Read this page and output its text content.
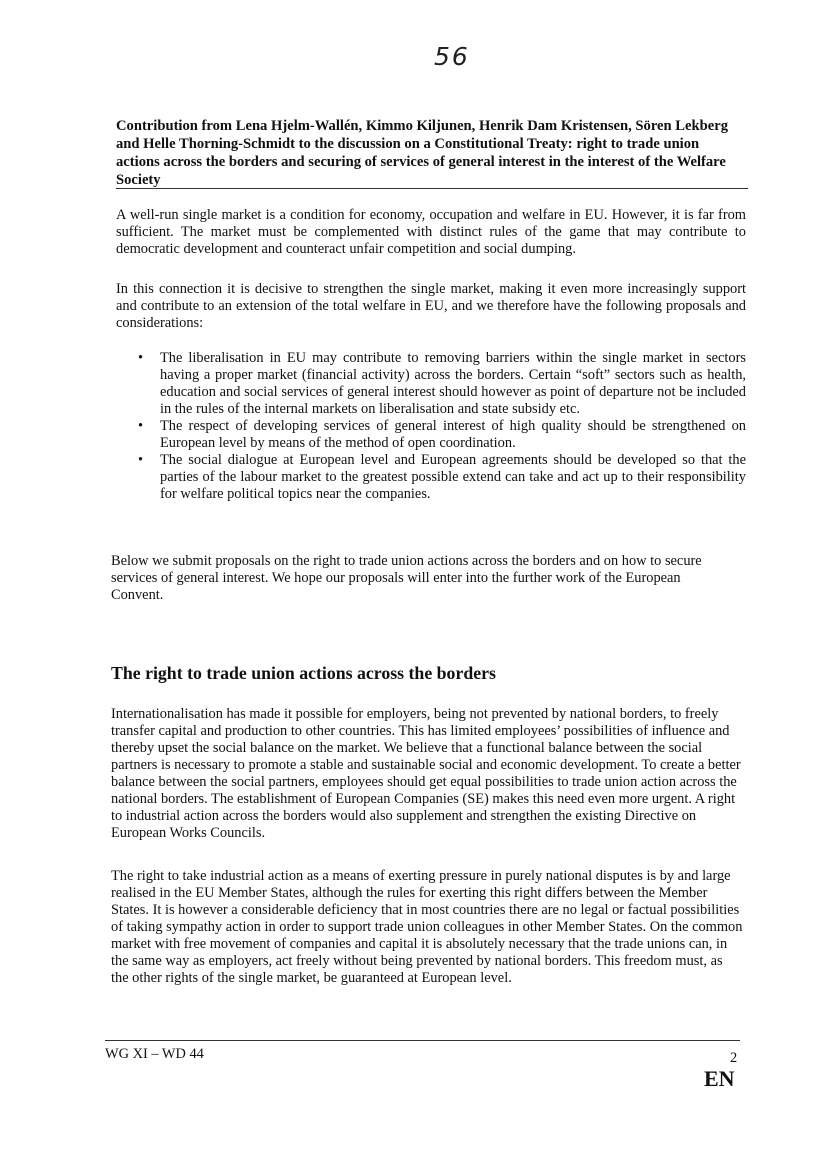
56
Contribution from Lena Hjelm-Wallén, Kimmo Kiljunen, Henrik Dam Kristensen, Sören Lekberg and Helle Thorning-Schmidt to the discussion on a Constitutional Treaty: right to trade union actions across the borders and securing of services of general interest in the interest of the Welfare Society

A well-run single market is a condition for economy, occupation and welfare in EU. However, it is far from sufficient. The market must be complemented with distinct rules of the game that may contribute to democratic development and counteract unfair competition and social dumping.

In this connection it is decisive to strengthen the single market, making it even more increasingly support and contribute to an extension of the total welfare in EU, and we therefore have the following proposals and considerations:

• The liberalisation in EU may contribute to removing barriers within the single market in sectors having a proper market (financial activity) across the borders. Certain “soft” sectors such as health, education and social services of general interest should however as point of departure not be included in the rules of the internal markets on liberalisation and state subsidy etc.
• The respect of developing services of general interest of high quality should be strengthened on European level by means of the method of open coordination.
• The social dialogue at European level and European agreements should be developed so that the parties of the labour market to the greatest possible extend can take and act up to their responsibility for welfare political topics near the companies.

Below we submit proposals on the right to trade union actions across the borders and on how to secure services of general interest. We hope our proposals will enter into the further work of the European Convent.

The right to trade union actions across the borders

Internationalisation has made it possible for employers, being not prevented by national borders, to freely transfer capital and production to other countries. This has limited employees’ possibilities of influence and thereby upset the social balance on the market. We believe that a functional balance between the social partners is necessary to promote a stable and sustainable social and economic development. To create a better balance between the social partners, employees should get equal possibilities to trade union action across the national borders. The establishment of European Companies (SE) makes this need even more urgent. A right to industrial action across the borders would also supplement and strengthen the existing Directive on European Works Councils.

The right to take industrial action as a means of exerting pressure in purely national disputes is by and large realised in the EU Member States, although the rules for exerting this right differs between the Member States. It is however a considerable deficiency that in most countries there are no legal or factual possibilities of taking sympathy action in order to support trade union colleagues in other Member States. On the common market with free movement of companies and capital it is absolutely necessary that the trade unions can, in the same way as employers, act freely without being prevented by national borders. This freedom must, as the other rights of the single market, be guaranteed at European level.

WG XI – WD 44	2
EN
